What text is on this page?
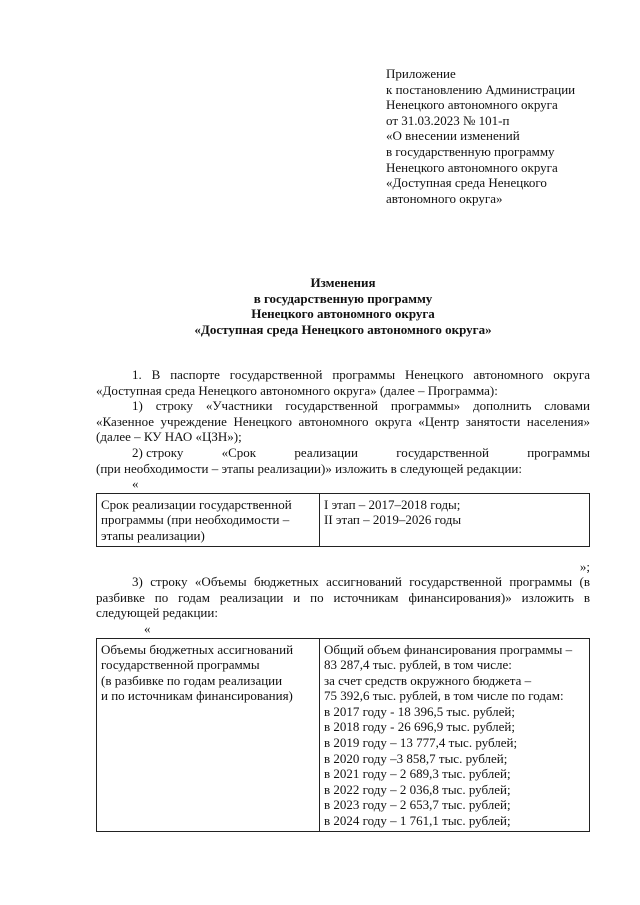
Приложение
к постановлению Администрации
Ненецкого автономного округа
от 31.03.2023 № 101-п
«О внесении изменений
в государственную программу
Ненецкого автономного округа
«Доступная среда Ненецкого
автономного округа»
Изменения
в государственную программу
Ненецкого автономного округа
«Доступная среда Ненецкого автономного округа»

1. В паспорте государственной программы Ненецкого автономного округа «Доступная среда Ненецкого автономного округа» (далее – Программа):

1) строку «Участники государственной программы» дополнить словами «Казенное учреждение Ненецкого автономного округа «Центр занятости населения» (далее – КУ НАО «ЦЗН»);

2) строку	«Срок	реализации	государственной	программы

(при необходимости – этапы реализации)» изложить в следующей редакции:

«
Срок реализации государственной
программы (при необходимости –
этапы реализации)

I этап – 2017–2018 годы;
II этап – 2019–2026 годы
»;

3) строку «Объемы бюджетных ассигнований государственной программы (в разбивке по годам реализации и по источникам финансирования)» изложить в следующей редакции:

«
Объемы бюджетных ассигнований
государственной программы
(в разбивке по годам реализации
и по источникам финансирования)

Общий объем финансирования программы –
83 287,4 тыс. рублей, в том числе:
за счет средств окружного бюджета –
75 392,6 тыс. рублей, в том числе по годам:
в 2017 году - 18 396,5 тыс. рублей;
в 2018 году - 26 696,9 тыс. рублей;
в 2019 году – 13 777,4 тыс. рублей;
в 2020 году –3 858,7 тыс. рублей;
в 2021 году – 2 689,3 тыс. рублей;
в 2022 году – 2 036,8 тыс. рублей;
в 2023 году – 2 653,7 тыс. рублей;
в 2024 году – 1 761,1 тыс. рублей;
